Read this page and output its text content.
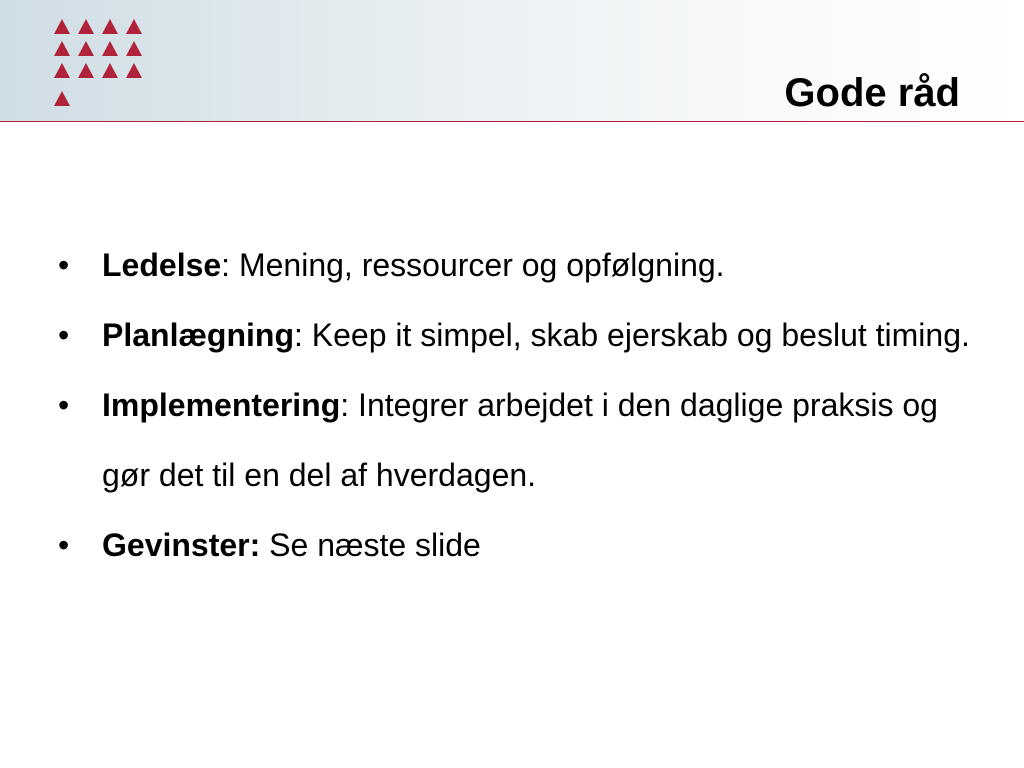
Gode råd
•	Ledelse: Mening, ressourcer og opfølgning.
•	Planlægning: Keep it simpel, skab ejerskab og beslut timing.
•	Implementering: Integrer arbejdet i den daglige praksis og gør det til en del af hverdagen.
•	Gevinster: Se næste slide
